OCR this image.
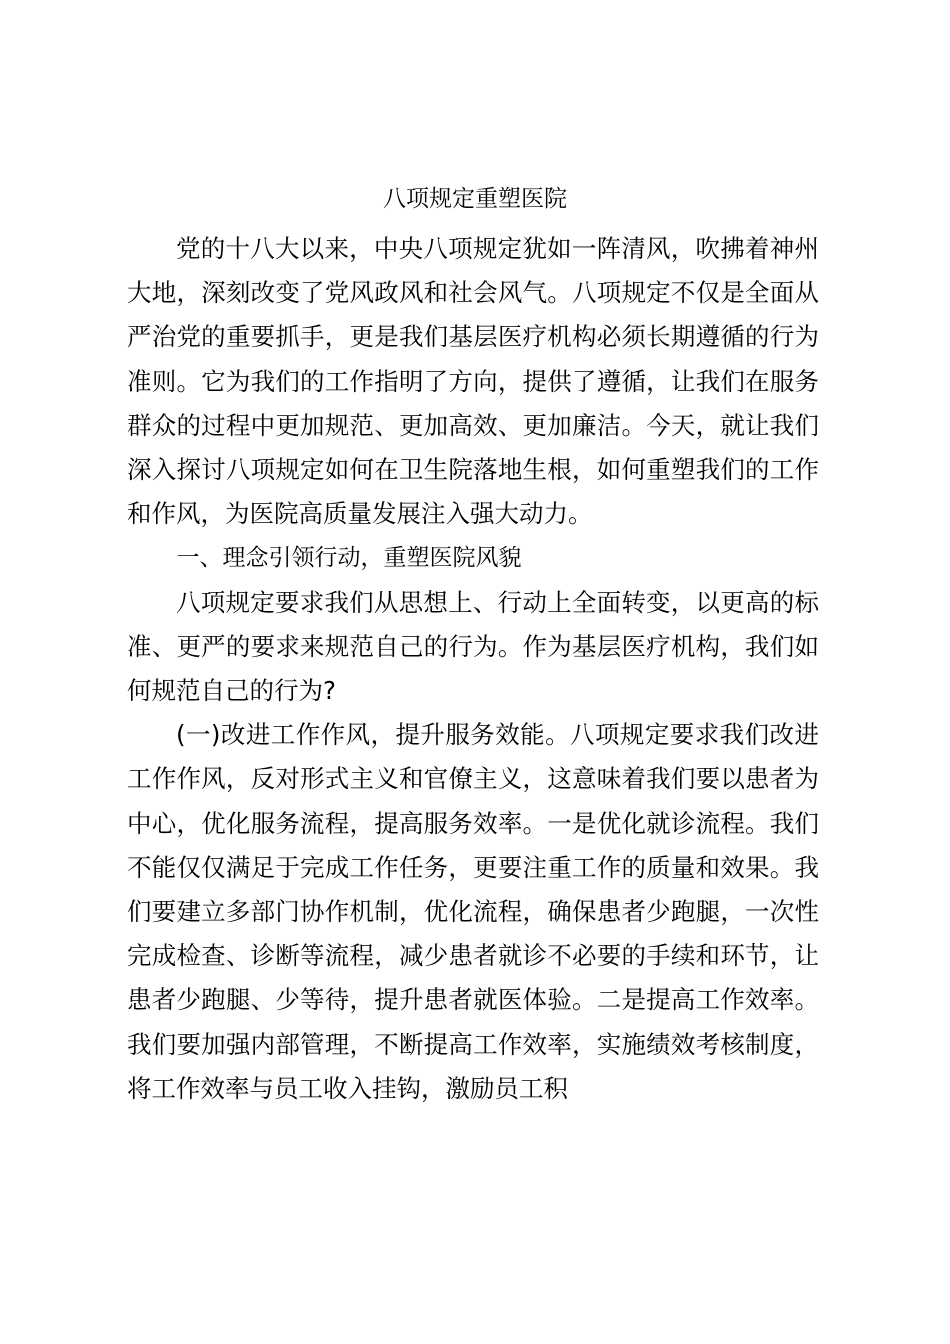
八项规定重塑医院

党的十八大以来，中央八项规定犹如一阵清风，吹拂着神州大地，深刻改变了党风政风和社会风气。八项规定不仅是全面从严治党的重要抓手，更是我们基层医疗机构必须长期遵循的行为准则。它为我们的工作指明了方向，提供了遵循，让我们在服务群众的过程中更加规范、更加高效、更加廉洁。今天，就让我们深入探讨八项规定如何在卫生院落地生根，如何重塑我们的工作和作风，为医院高质量发展注入强大动力。

一、理念引领行动，重塑医院风貌

八项规定要求我们从思想上、行动上全面转变，以更高的标准、更严的要求来规范自己的行为。作为基层医疗机构，我们如何规范自己的行为?

(一)改进工作作风，提升服务效能。八项规定要求我们改进工作作风，反对形式主义和官僚主义，这意味着我们要以患者为中心，优化服务流程，提高服务效率。一是优化就诊流程。我们不能仅仅满足于完成工作任务，更要注重工作的质量和效果。我们要建立多部门协作机制，优化流程，确保患者少跑腿，一次性完成检查、诊断等流程，减少患者就诊不必要的手续和环节，让患者少跑腿、少等待，提升患者就医体验。二是提高工作效率。我们要加强内部管理，不断提高工作效率，实施绩效考核制度，将工作效率与员工收入挂钩，激励员工积
